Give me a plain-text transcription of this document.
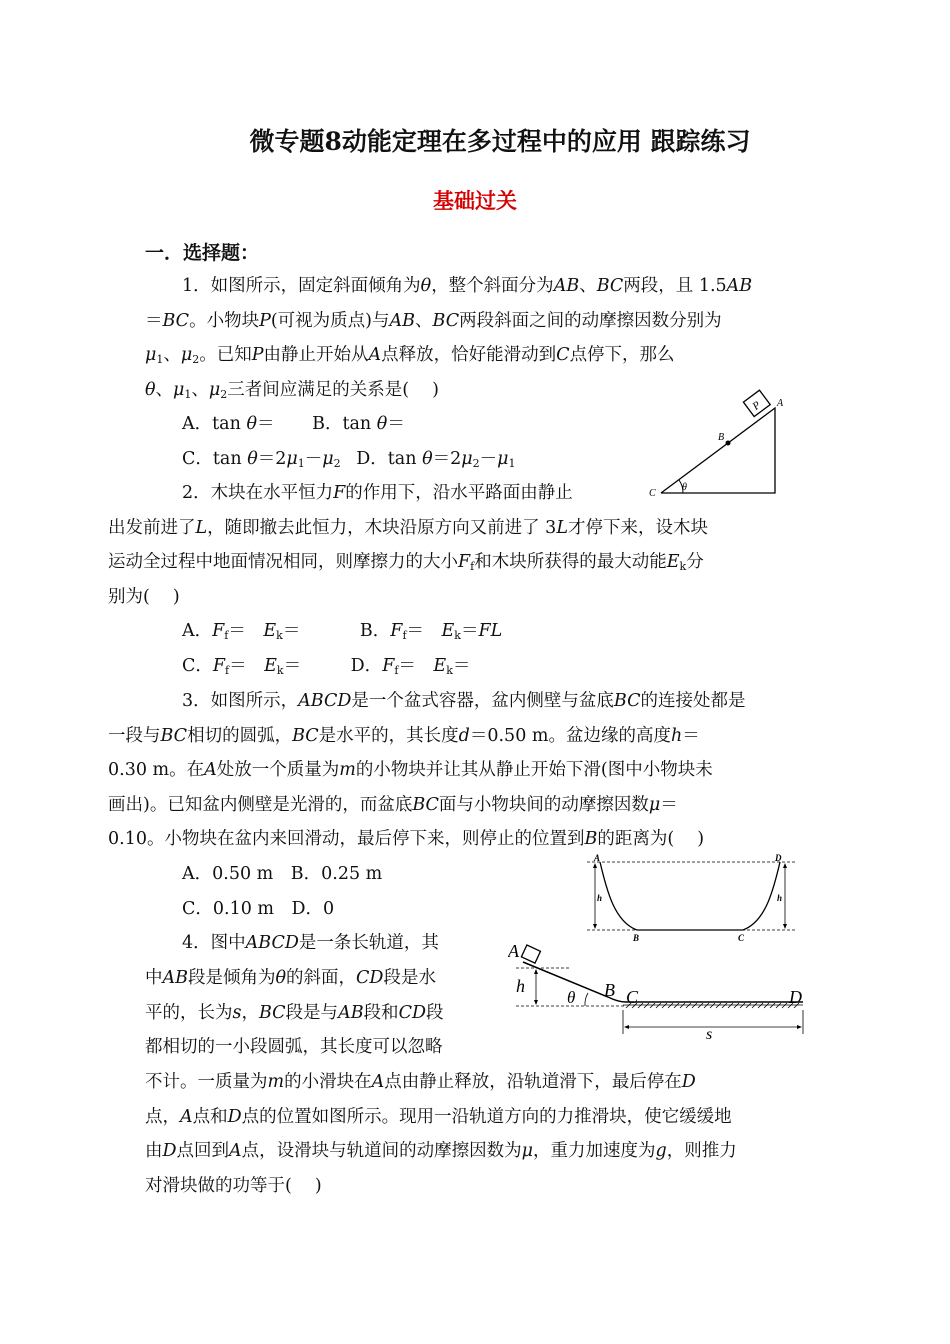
微专题8动能定理在多过程中的应用 跟踪练习
基础过关
一．选择题：
1．如图所示，固定斜面倾角为θ，整个斜面分为AB、BC两段，且 1.5AB
＝BC。小物块P(可视为质点)与AB、BC两段斜面之间的动摩擦因数分别为
$\mu_1$、$\mu_2$。已知P由静止开始从A点释放，恰好能滑动到C点停下，那么
θ、$\mu_1$、$\mu_2$三者间应满足的关系是(　 )
A．tan θ＝ B．tan θ＝
C．$\tan \theta=2\mu_1-\mu_2$ D．$\tan \theta=2\mu_2-\mu_1$
P A
B
C
θ
2．木块在水平恒力F的作用下，沿水平路面由静止
出发前进了L，随即撤去此恒力，木块沿原方向又前进了 3L才停下来，设木块
运动全过程中地面情况相同，则摩擦力的大小$F_f$和木块所获得的最大动能$E_k$分
别为(　 )
A．$F_f=$　 $E_k=$	B．$F_f=$　 $E_k=FL$
C．$F_f=$　 $E_k=$	D．$F_f=$　 $E_k=$
3．如图所示，ABCD是一个盆式容器，盆内侧壁与盆底BC的连接处都是
一段与BC相切的圆弧，BC是水平的，其长度d＝0.50 m。盆边缘的高度h＝
0.30 m。在A处放一个质量为m的小物块并让其从静止开始下滑(图中小物块未
画出)。已知盆内侧壁是光滑的，而盆底BC面与小物块间的动摩擦因数μ＝
0.10。小物块在盆内来回滑动，最后停下来，则停止的位置到B的距离为(　 )
A．0.50 m　B．0.25 m
C．0.10 m　D．0
A	D
B	C
h	h
4．图中ABCD是一条长轨道，其
中AB段是倾角为θ的斜面，CD段是水
平的，长为s，BC段是与AB段和CD段
都相切的一小段圆弧，其长度可以忽略
A
h
θ B C	D
s
不计。一质量为m的小滑块在A点由静止释放，沿轨道滑下，最后停在D
点，A点和D点的位置如图所示。现用一沿轨道方向的力推滑块，使它缓缓地
由D点回到A点，设滑块与轨道间的动摩擦因数为μ，重力加速度为g，则推力
对滑块做的功等于(　 )
